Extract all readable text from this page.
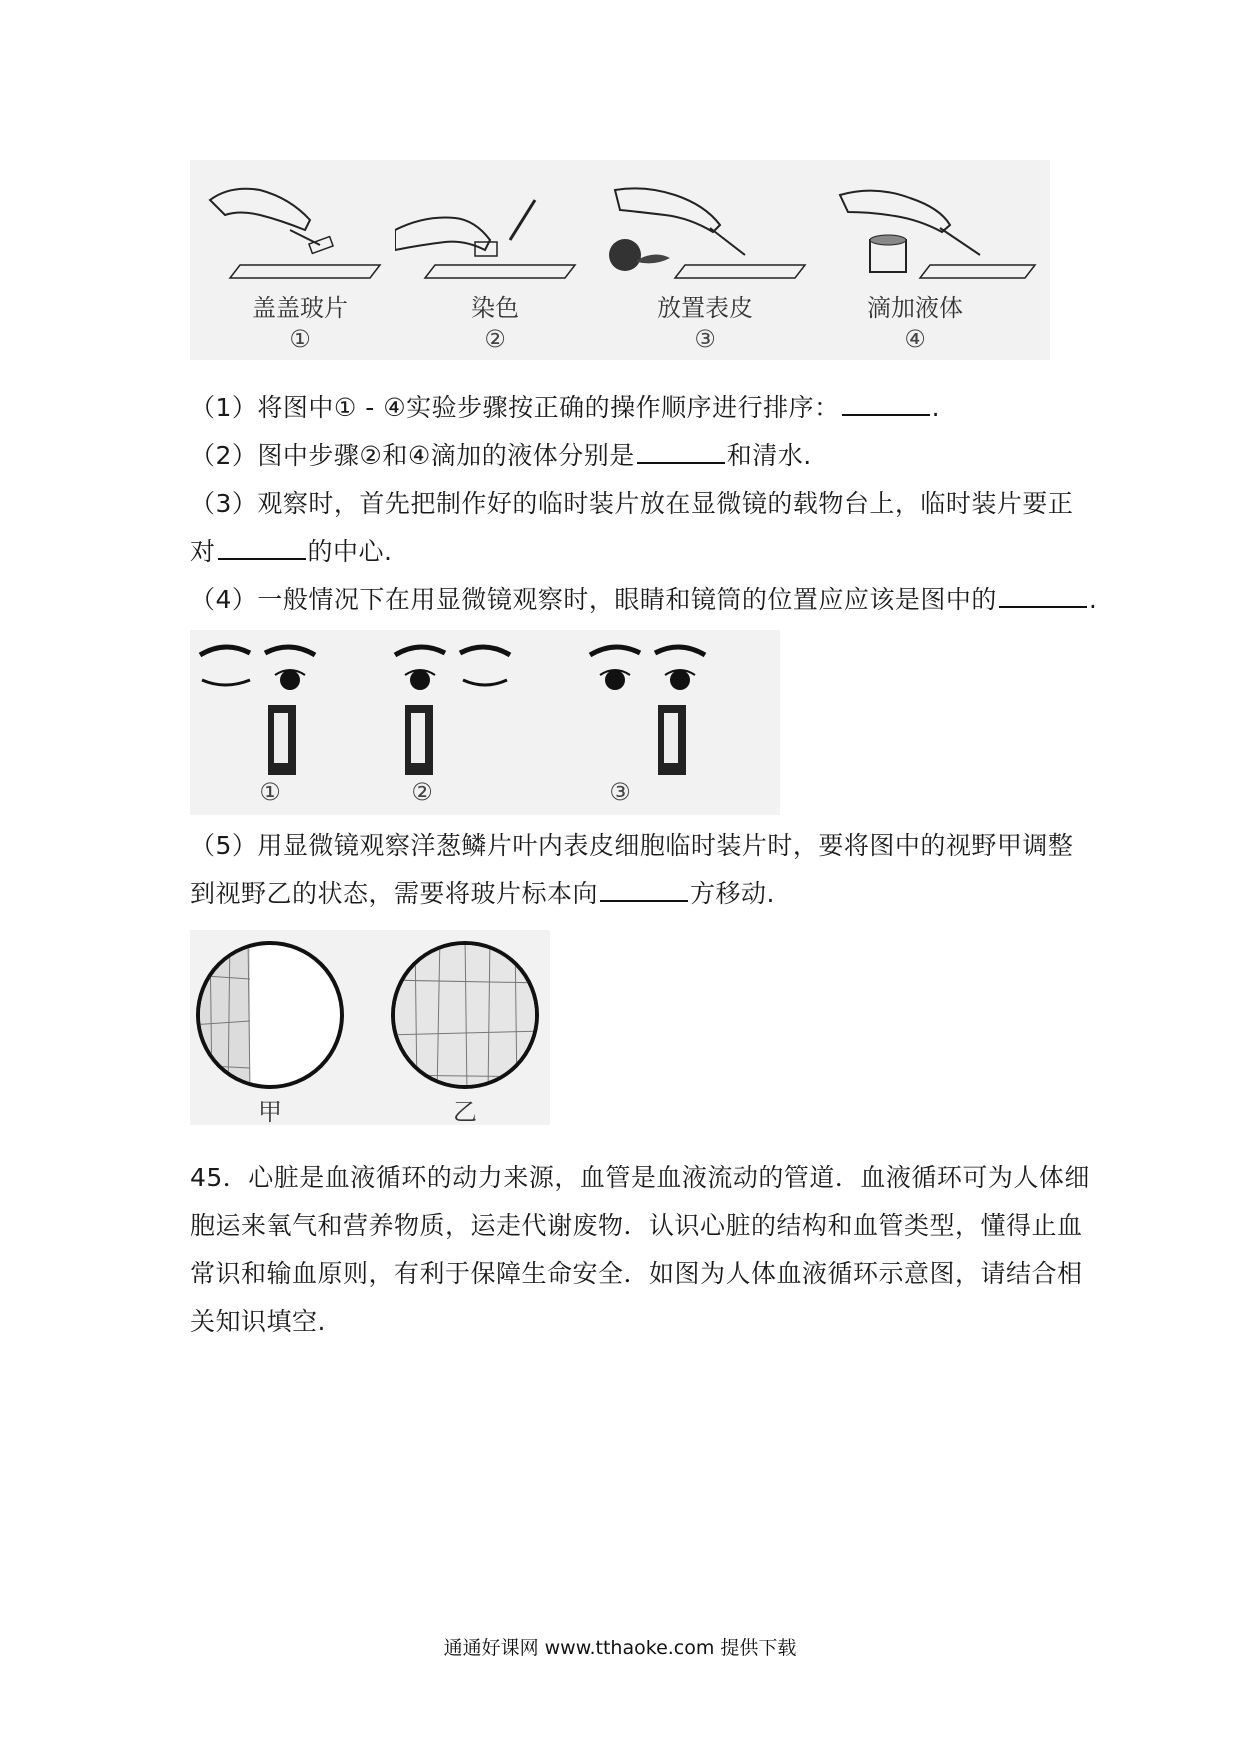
盖盖玻片
①
染色
②
放置表皮
③
滴加液体
④
（1）将图中① - ④实验步骤按正确的操作顺序进行排序：	.
（2）图中步骤②和④滴加的液体分别是	和清水.
（3）观察时，首先把制作好的临时装片放在显微镜的载物台上，临时装片要正
对	的中心.
（4）一般情况下在用显微镜观察时，眼睛和镜筒的位置应应该是图中的	.
①	②	③
（5）用显微镜观察洋葱鳞片叶内表皮细胞临时装片时，要将图中的视野甲调整
到视野乙的状态，需要将玻片标本向	方移动.
甲	乙
45．心脏是血液循环的动力来源，血管是血液流动的管道．血液循环可为人体细
胞运来氧气和营养物质，运走代谢废物．认识心脏的结构和血管类型，懂得止血
常识和输血原则，有利于保障生命安全．如图为人体血液循环示意图，请结合相
关知识填空.
通通好课网 www.tthaoke.com 提供下载
